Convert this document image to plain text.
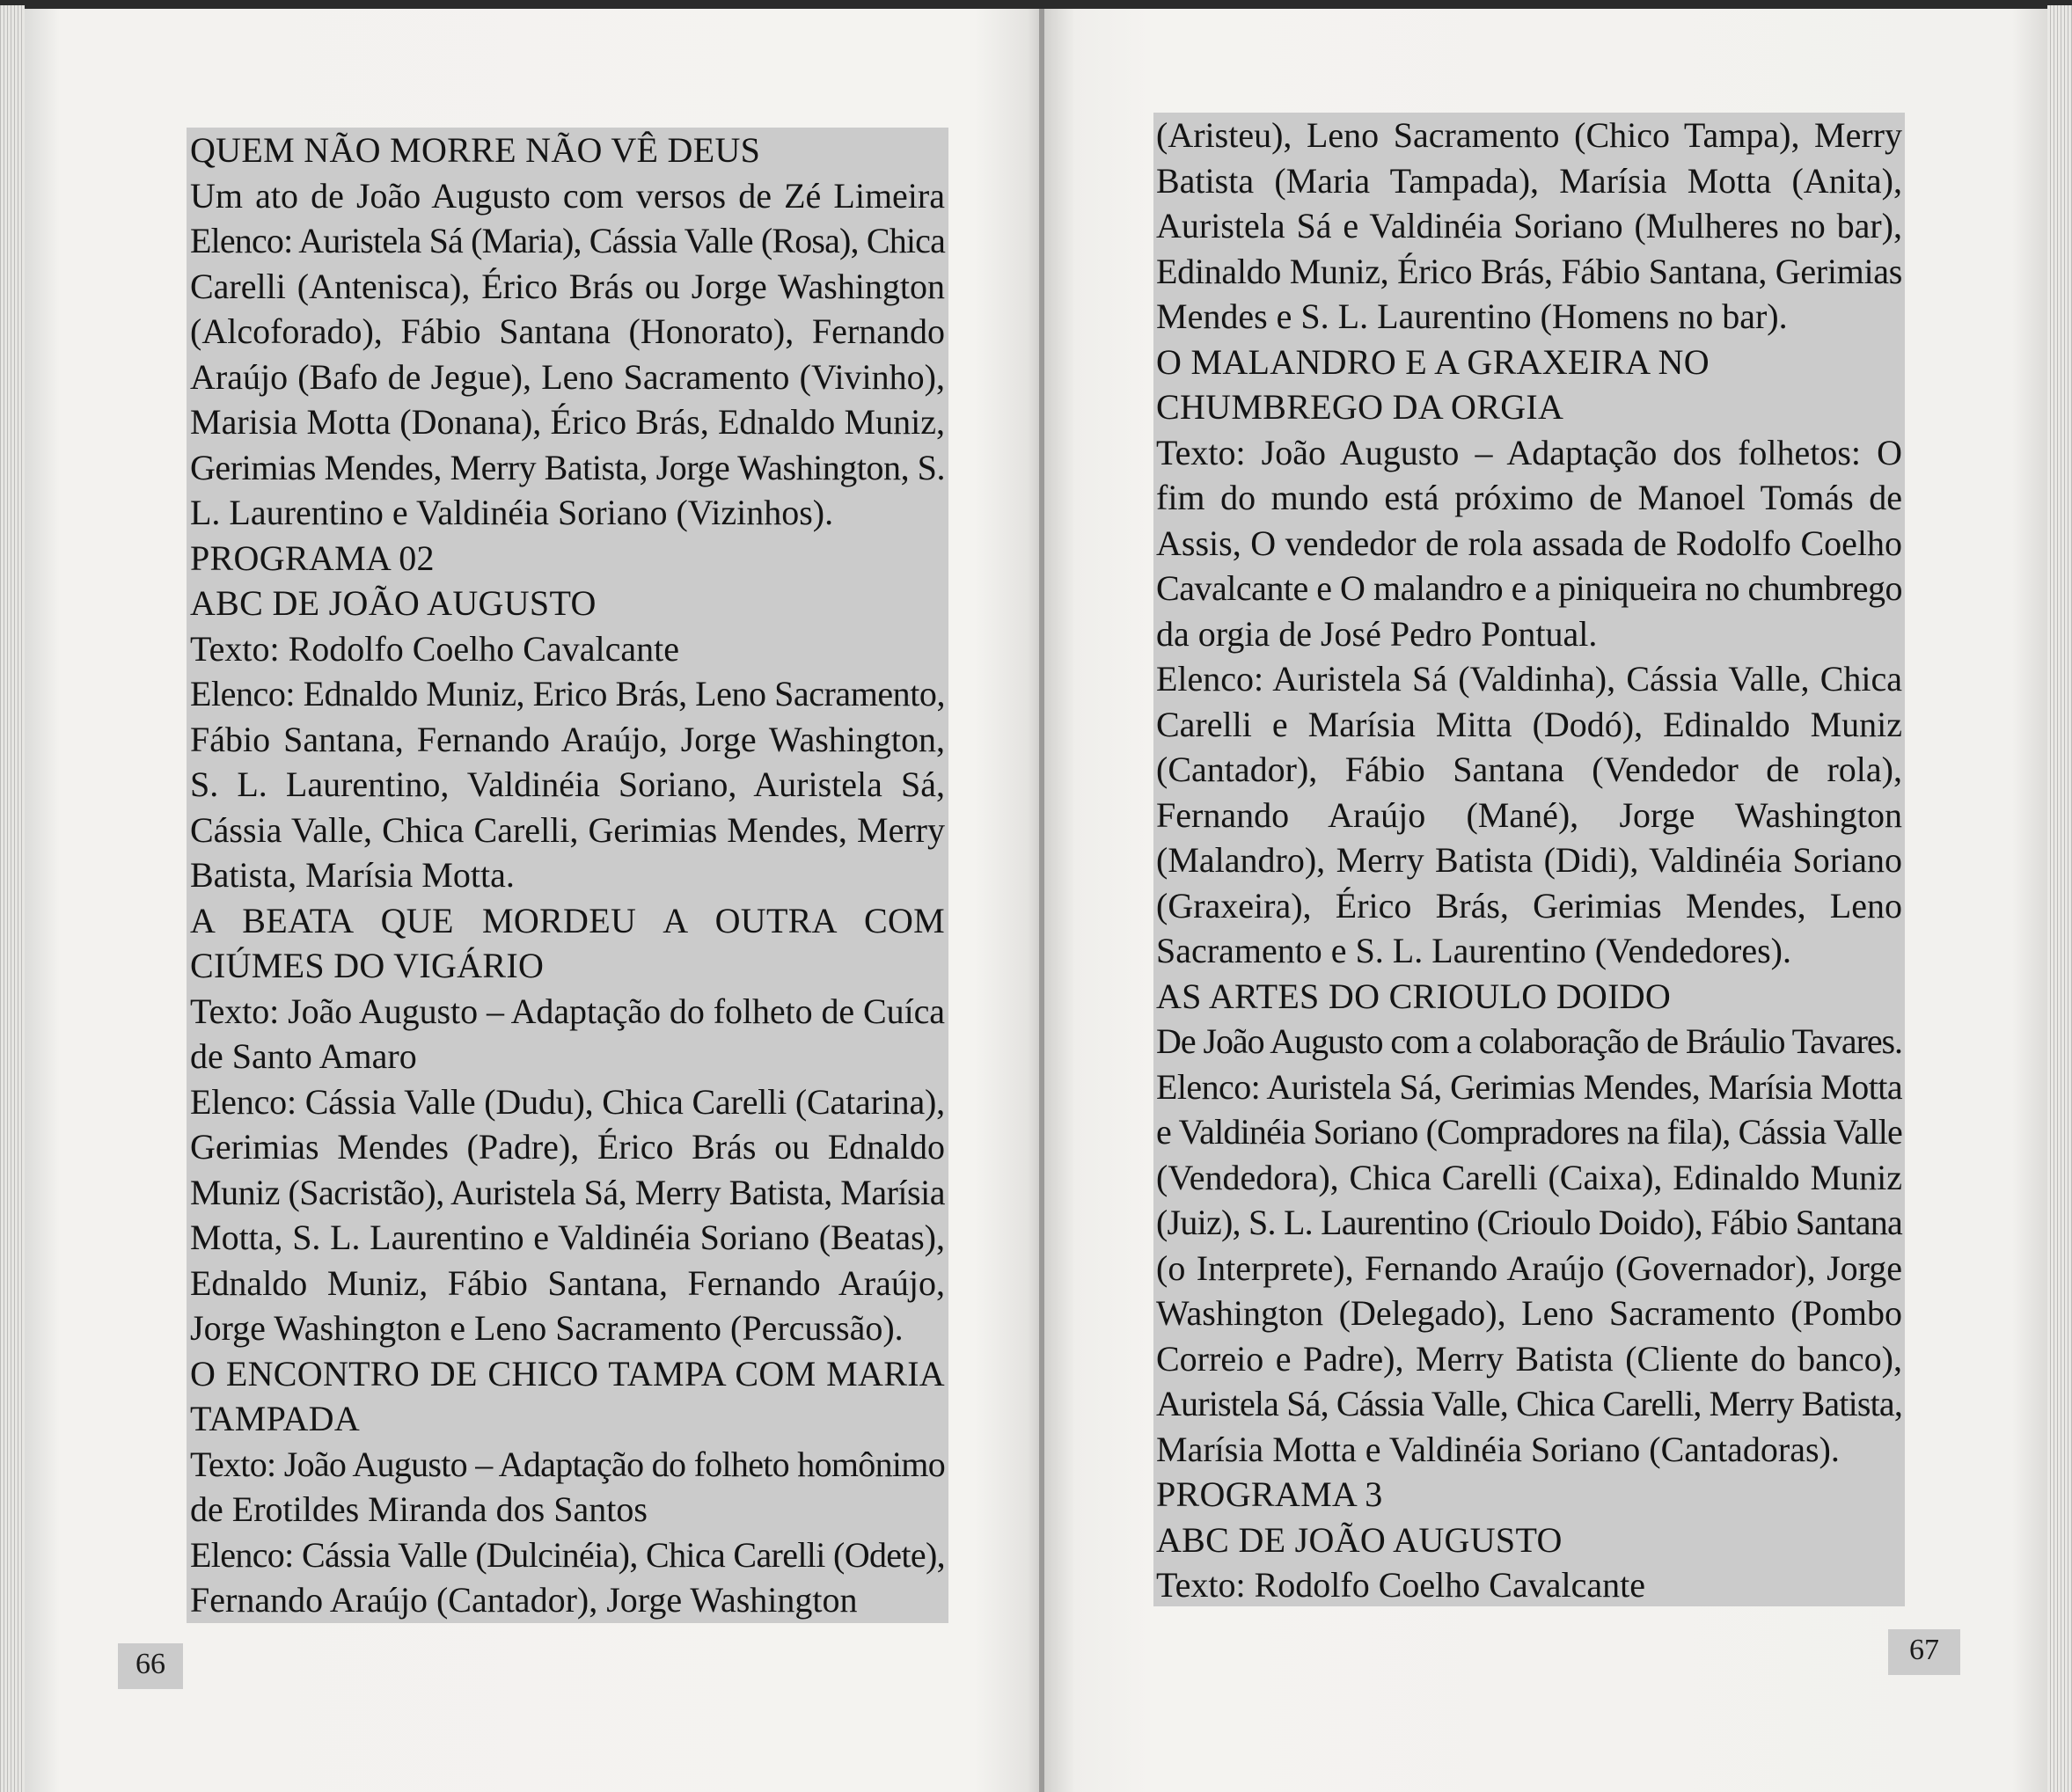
QUEM NÃO MORRE NÃO VÊ DEUS
Um ato de João Augusto com versos de Zé Limeira
Elenco: Auristela Sá (Maria), Cássia Valle (Rosa), Chica
Carelli (Antenisca), Érico Brás ou Jorge Washington
(Alcoforado), Fábio Santana (Honorato), Fernando
Araújo (Bafo de Jegue), Leno Sacramento (Vivinho),
Marisia Motta (Donana), Érico Brás, Ednaldo Muniz,
Gerimias Mendes, Merry Batista, Jorge Washington, S.
L. Laurentino e Valdinéia Soriano (Vizinhos).
PROGRAMA 02
ABC DE JOÃO AUGUSTO
Texto: Rodolfo Coelho Cavalcante
Elenco: Ednaldo Muniz, Erico Brás, Leno Sacramento,
Fábio Santana, Fernando Araújo, Jorge Washington,
S. L. Laurentino, Valdinéia Soriano, Auristela Sá,
Cássia Valle, Chica Carelli, Gerimias Mendes, Merry
Batista, Marísia Motta.
A BEATA QUE MORDEU A OUTRA COM
CIÚMES DO VIGÁRIO
Texto: João Augusto – Adaptação do folheto de Cuíca
de Santo Amaro
Elenco: Cássia Valle (Dudu), Chica Carelli (Catarina),
Gerimias Mendes (Padre), Érico Brás ou Ednaldo
Muniz (Sacristão), Auristela Sá, Merry Batista, Marísia
Motta, S. L. Laurentino e Valdinéia Soriano (Beatas),
Ednaldo Muniz, Fábio Santana, Fernando Araújo,
Jorge Washington e Leno Sacramento (Percussão).
O ENCONTRO DE CHICO TAMPA COM MARIA
TAMPADA
Texto: João Augusto – Adaptação do folheto homônimo
de Erotildes Miranda dos Santos
Elenco: Cássia Valle (Dulcinéia), Chica Carelli (Odete),
Fernando Araújo (Cantador), Jorge Washington
(Aristeu), Leno Sacramento (Chico Tampa), Merry
Batista (Maria Tampada), Marísia Motta (Anita),
Auristela Sá e Valdinéia Soriano (Mulheres no bar),
Edinaldo Muniz, Érico Brás, Fábio Santana, Gerimias
Mendes e S. L. Laurentino (Homens no bar).
O MALANDRO E A GRAXEIRA NO
CHUMBREGO DA ORGIA
Texto: João Augusto – Adaptação dos folhetos: O
fim do mundo está próximo de Manoel Tomás de
Assis, O vendedor de rola assada de Rodolfo Coelho
Cavalcante e O malandro e a piniqueira no chumbrego
da orgia de José Pedro Pontual.
Elenco: Auristela Sá (Valdinha), Cássia Valle, Chica
Carelli e Marísia Mitta (Dodó), Edinaldo Muniz
(Cantador), Fábio Santana (Vendedor de rola),
Fernando Araújo (Mané), Jorge Washington
(Malandro), Merry Batista (Didi), Valdinéia Soriano
(Graxeira), Érico Brás, Gerimias Mendes, Leno
Sacramento e S. L. Laurentino (Vendedores).
AS ARTES DO CRIOULO DOIDO
De João Augusto com a colaboração de Bráulio Tavares.
Elenco: Auristela Sá, Gerimias Mendes, Marísia Motta
e Valdinéia Soriano (Compradores na fila), Cássia Valle
(Vendedora), Chica Carelli (Caixa), Edinaldo Muniz
(Juiz), S. L. Laurentino (Crioulo Doido), Fábio Santana
(o Interprete), Fernando Araújo (Governador), Jorge
Washington (Delegado), Leno Sacramento (Pombo
Correio e Padre), Merry Batista (Cliente do banco),
Auristela Sá, Cássia Valle, Chica Carelli, Merry Batista,
Marísia Motta e Valdinéia Soriano (Cantadoras).
PROGRAMA 3
ABC DE JOÃO AUGUSTO
Texto: Rodolfo Coelho Cavalcante
66	67
